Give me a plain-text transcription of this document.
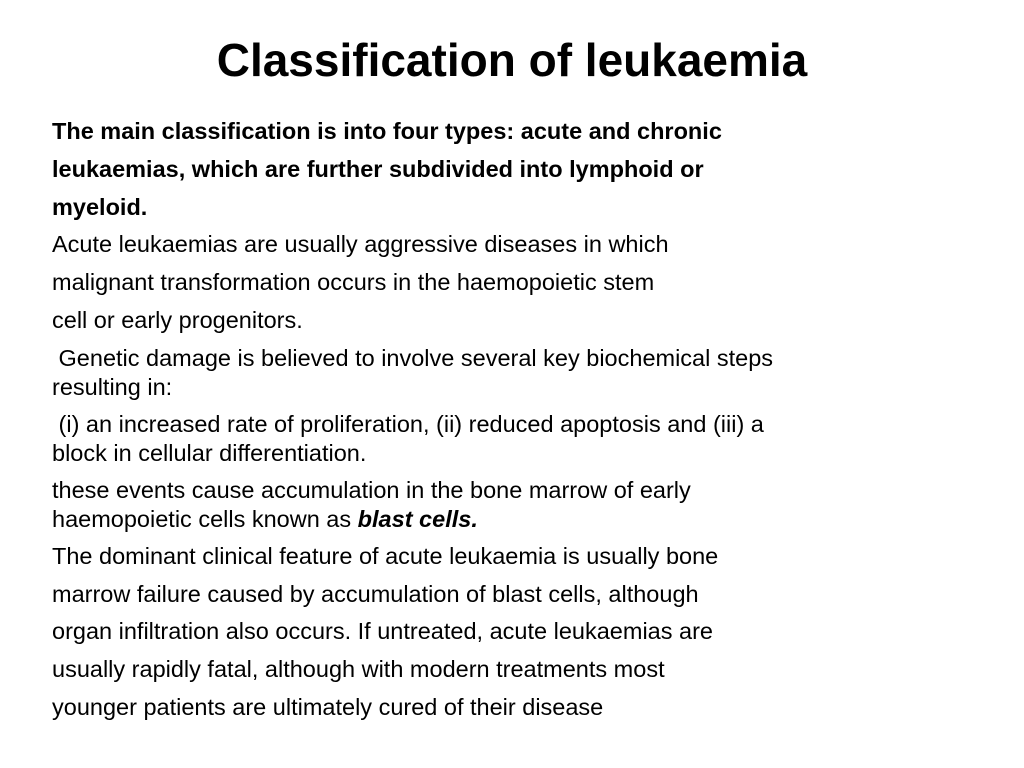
Classification of leukaemia
The main classification is into four types: acute and chronic
leukaemias, which are further subdivided into lymphoid or
myeloid.
Acute leukaemias are usually aggressive diseases in which
malignant transformation occurs in the haemopoietic stem
cell or early progenitors.
Genetic damage is believed to involve several key biochemical steps
resulting in:
(i) an increased rate of proliferation, (ii) reduced apoptosis and (iii) a
block in cellular differentiation.
these events cause accumulation in the bone marrow of early
haemopoietic cells known as blast cells.
The dominant clinical feature of acute leukaemia is usually bone
marrow failure caused by accumulation of blast cells, although
organ infiltration also occurs. If untreated, acute leukaemias are
usually rapidly fatal, although with modern treatments most
younger patients are ultimately cured of their disease
